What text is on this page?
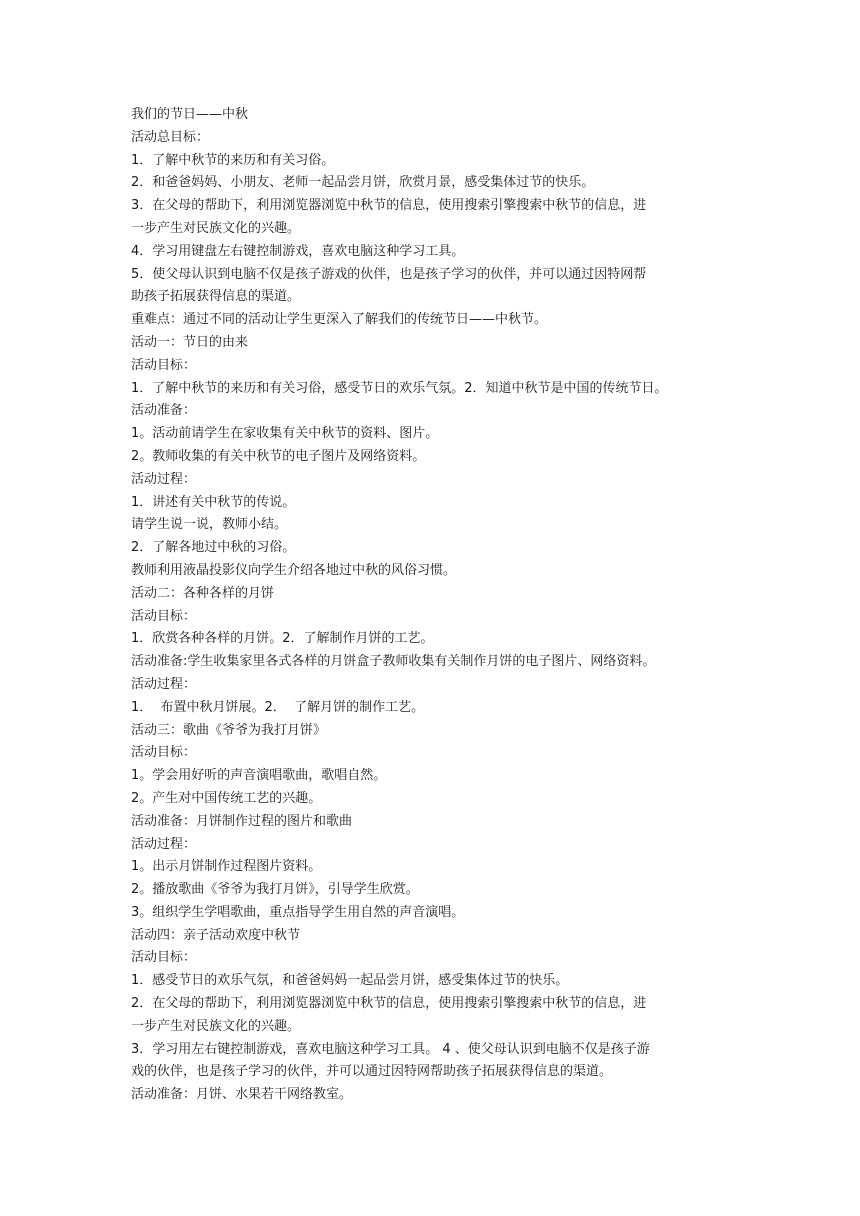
我们的节日——中秋
活动总目标：
1．了解中秋节的来历和有关习俗。
2．和爸爸妈妈、小朋友、老师一起品尝月饼，欣赏月景，感受集体过节的快乐。
3．在父母的帮助下，利用浏览器浏览中秋节的信息，使用搜索引擎搜索中秋节的信息，进
一步产生对民族文化的兴趣。
4．学习用键盘左右键控制游戏，喜欢电脑这种学习工具。
5．使父母认识到电脑不仅是孩子游戏的伙伴，也是孩子学习的伙伴，并可以通过因特网帮
助孩子拓展获得信息的渠道。
重难点：通过不同的活动让学生更深入了解我们的传统节日——中秋节。
活动一：节日的由来
活动目标：
1．了解中秋节的来历和有关习俗，感受节日的欢乐气氛。2．知道中秋节是中国的传统节日。
活动准备：
1。活动前请学生在家收集有关中秋节的资料、图片。
2。教师收集的有关中秋节的电子图片及网络资料。
活动过程：
1．讲述有关中秋节的传说。
请学生说一说，教师小结。
2．了解各地过中秋的习俗。
教师利用液晶投影仪向学生介绍各地过中秋的风俗习惯。
活动二：各种各样的月饼
活动目标：
1．欣赏各种各样的月饼。2．了解制作月饼的工艺。
活动准备:学生收集家里各式各样的月饼盒子教师收集有关制作月饼的电子图片、网络资料。
活动过程：
1．  布置中秋月饼展。2．  了解月饼的制作工艺。
活动三：歌曲《爷爷为我打月饼》
活动目标：
1。学会用好听的声音演唱歌曲，歌唱自然。
2。产生对中国传统工艺的兴趣。
活动准备：月饼制作过程的图片和歌曲
活动过程：
1。出示月饼制作过程图片资料。
2。播放歌曲《爷爷为我打月饼》，引导学生欣赏。
3。组织学生学唱歌曲，重点指导学生用自然的声音演唱。
活动四：亲子活动欢度中秋节
活动目标：
1．感受节日的欢乐气氛，和爸爸妈妈一起品尝月饼，感受集体过节的快乐。
2．在父母的帮助下，利用浏览器浏览中秋节的信息，使用搜索引擎搜索中秋节的信息，进
一步产生对民族文化的兴趣。
3．学习用左右键控制游戏，喜欢电脑这种学习工具。 4 、使父母认识到电脑不仅是孩子游
戏的伙伴，也是孩子学习的伙伴，并可以通过因特网帮助孩子拓展获得信息的渠道。
活动准备：月饼、水果若干网络教室。
